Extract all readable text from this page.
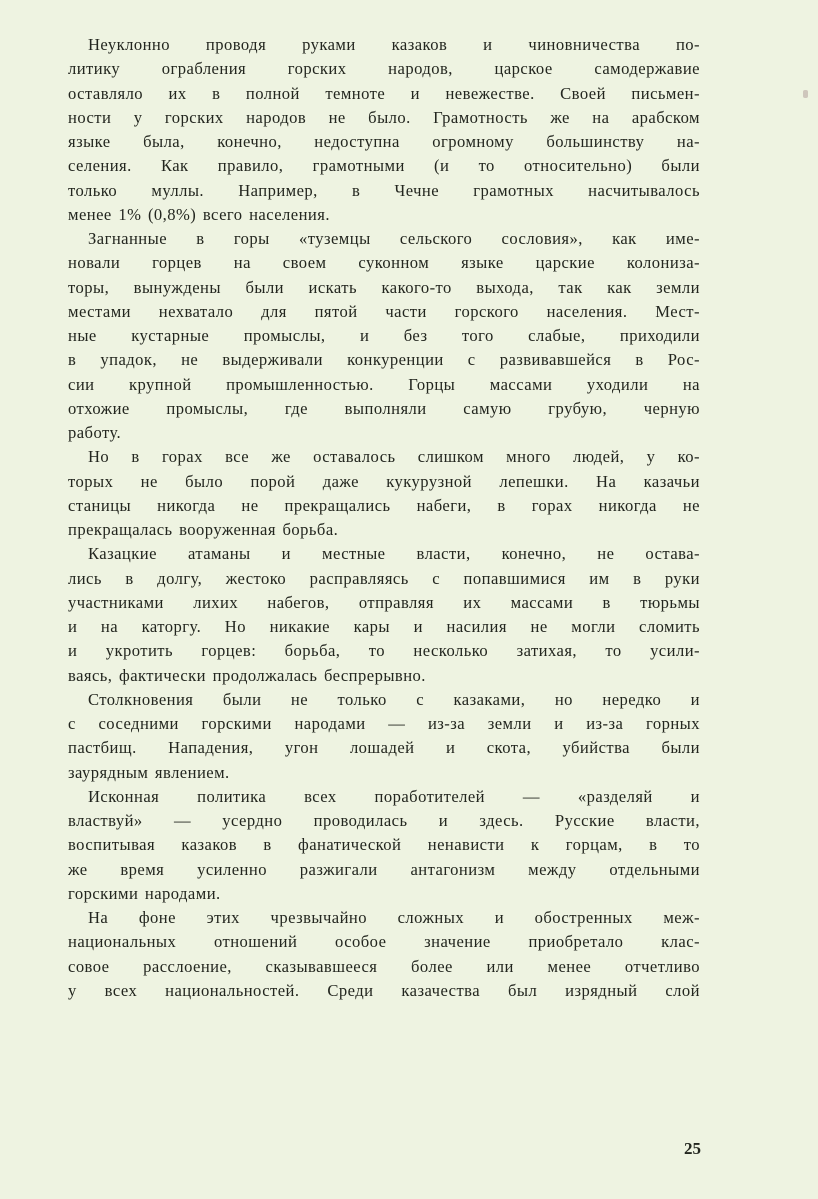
Неуклонно проводя руками казаков и чиновничества по-
литику ограбления горских народов, царское самодержавие
оставляло их в полной темноте и невежестве. Своей письмен-
ности у горских народов не было. Грамотность же на арабском
языке была, конечно, недоступна огромному большинству на-
селения. Как правило, грамотными (и то относительно) были
только муллы. Например, в Чечне грамотных насчитывалось
менее 1% (0,8%) всего населения.
Загнанные в горы «туземцы сельского сословия», как име-
новали горцев на своем суконном языке царские колониза-
торы, вынуждены были искать какого-то выхода, так как земли
местами нехватало для пятой части горского населения. Мест-
ные кустарные промыслы, и без того слабые, приходили
в упадок, не выдерживали конкуренции с развивавшейся в Рос-
сии крупной промышленностью. Горцы массами уходили на
отхожие промыслы, где выполняли самую грубую, черную
работу.
Но в горах все же оставалось слишком много людей, у ко-
торых не было порой даже кукурузной лепешки. На казачьи
станицы никогда не прекращались набеги, в горах никогда не
прекращалась вооруженная борьба.
Казацкие атаманы и местные власти, конечно, не остава-
лись в долгу, жестоко расправляясь с попавшимися им в руки
участниками лихих набегов, отправляя их массами в тюрьмы
и на каторгу. Но никакие кары и насилия не могли сломить
и укротить горцев: борьба, то несколько затихая, то усили-
ваясь, фактически продолжалась беспрерывно.
Столкновения были не только с казаками, но нередко и
с соседними горскими народами — из-за земли и из-за горных
пастбищ. Нападения, угон лошадей и скота, убийства были
заурядным явлением.
Исконная политика всех поработителей — «разделяй и
властвуй» — усердно проводилась и здесь. Русские власти,
воспитывая казаков в фанатической ненависти к горцам, в то
же время усиленно разжигали антагонизм между отдельными
горскими народами.
На фоне этих чрезвычайно сложных и обостренных меж-
национальных отношений особое значение приобретало клас-
совое расслоение, сказывавшееся более или менее отчетливо
у всех национальностей. Среди казачества был изрядный слой
25
